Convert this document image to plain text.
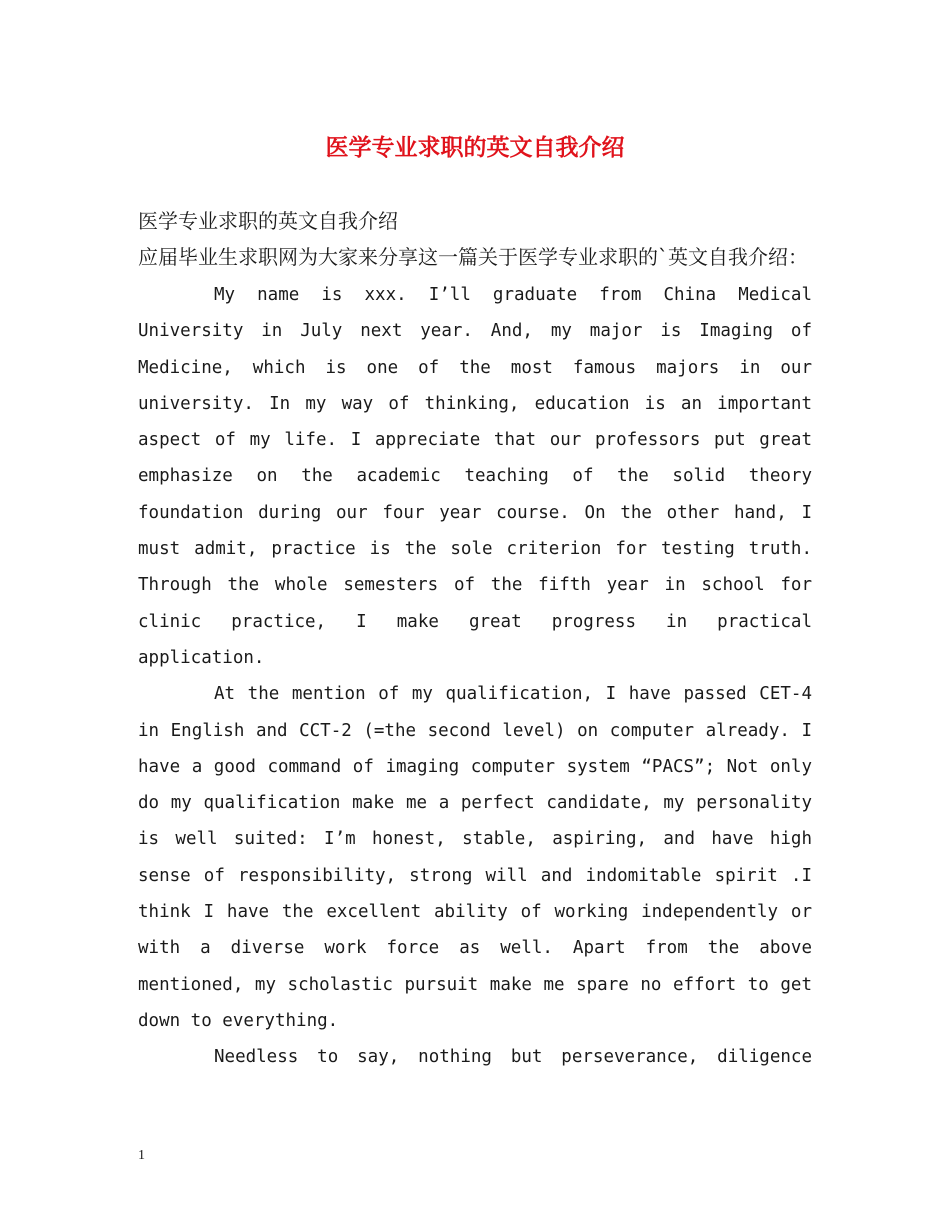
医学专业求职的英文自我介绍

医学专业求职的英文自我介绍

应届毕业生求职网为大家来分享这一篇关于医学专业求职的`英文自我介绍：

My name is xxx. I’ll graduate from China Medical University in July next year. And, my major is Imaging of Medicine, which is one of the most famous majors in our university. In my way of thinking, education is an important aspect of my life. I appreciate that our professors put great emphasize on the academic teaching of the solid theory foundation during our four year course. On the other hand, I must admit, practice is the sole criterion for testing truth. Through the whole semesters of the fifth year in school for clinic practice, I make great progress in practical application.

At the mention of my qualification, I have passed CET-4 in English and CCT-2 (=the second level) on computer already. I have a good command of imaging computer system “PACS”; Not only do my qualification make me a perfect candidate, my personality is well suited: I’m honest, stable, aspiring, and have high sense of responsibility, strong will and indomitable spirit .I think I have the excellent ability of working independently or with a diverse work force as well. Apart from the above mentioned, my scholastic pursuit make me spare no effort to get down to everything.

Needless to say, nothing but perseverance, diligence

1
